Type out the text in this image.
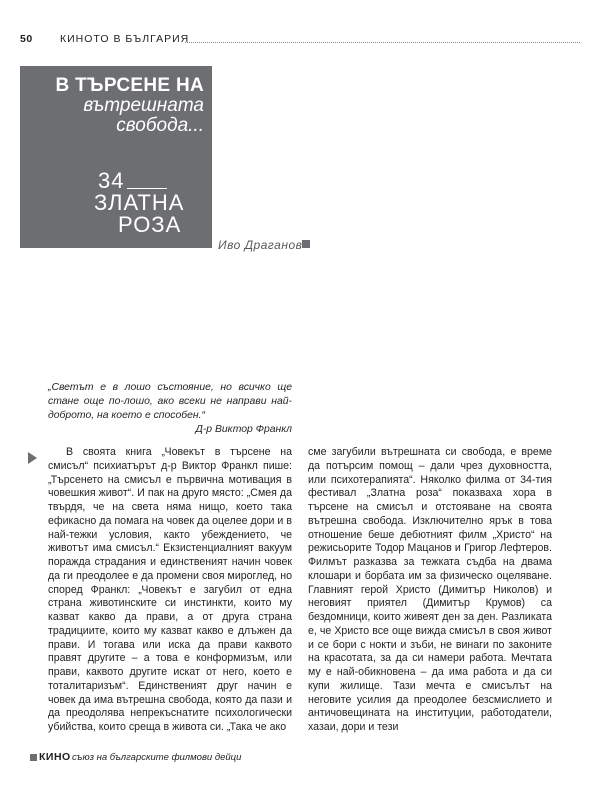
50	КИНОТО В БЪЛГАРИЯ
В ТЪРСЕНЕ НА
вътрешната свобода...
34
ЗЛАТНА
РОЗА
Иво Драганов
„Светът е в лошо състояние, но всичко ще стане още по-лошо, ако всеки не направи най-доброто, на което е способен.“
Д-р Виктор Франкл
В своята книга „Човекът в търсене на смисъл“ психиатърът д-р Виктор Франкл пише: „Търсенето на смисъл е първична мотивация в човешкия живот“. И пак на друго място: „Смея да твърдя, че на света няма нищо, което така ефикасно да помага на човек да оцелее дори и в най-тежки условия, както убеждението, че животът има смисъл.“ Екзистенциалният вакуум поражда страдания и единственият начин човек да ги преодолее е да промени своя мироглед, но според Франкл: „Човекът е загубил от една страна животинските си инстинкти, които му казват какво да прави, а от друга страна традициите, които му казват какво е длъжен да прави. И тогава или иска да прави каквото правят другите – а това е конформизъм, или прави, каквото другите искат от него, което е тоталитаризъм“. Единственият друг начин е човек да има вътрешна свобода, която да пази и да преодолява непрекъснатите психологически убийства, които среща в живота си. „Така че ако
сме загубили вътрешната си свобода, е време да потърсим помощ – дали чрез духовността, или психотерапията“. Няколко филма от 34-тия фестивал „Златна роза“ показваха хора в търсене на смисъл и отстояване на своята вътрешна свобода. Изключително ярък в това отношение беше дебютният филм „Христо“ на режисьорите Тодор Мацанов и Григор Лефтеров. Филмът разказва за тежката съдба на двама клошари и борбата им за физическо оцеляване. Главният герой Христо (Димитър Николов) и неговият приятел (Димитър Крумов) са бездомници, които живеят ден за ден. Разликата е, че Христо все още вижда смисъл в своя живот и се бори с нокти и зъби, не винаги по законите на красотата, за да си намери работа. Мечтата му е най-обикновена – да има работа и да си купи жилище. Тази мечта е смисълът на неговите усилия да преодолее безсмислието и античовещината на институции, работодатели, хазаи, дори и тези
КИНО съюз на българските филмови дейци
